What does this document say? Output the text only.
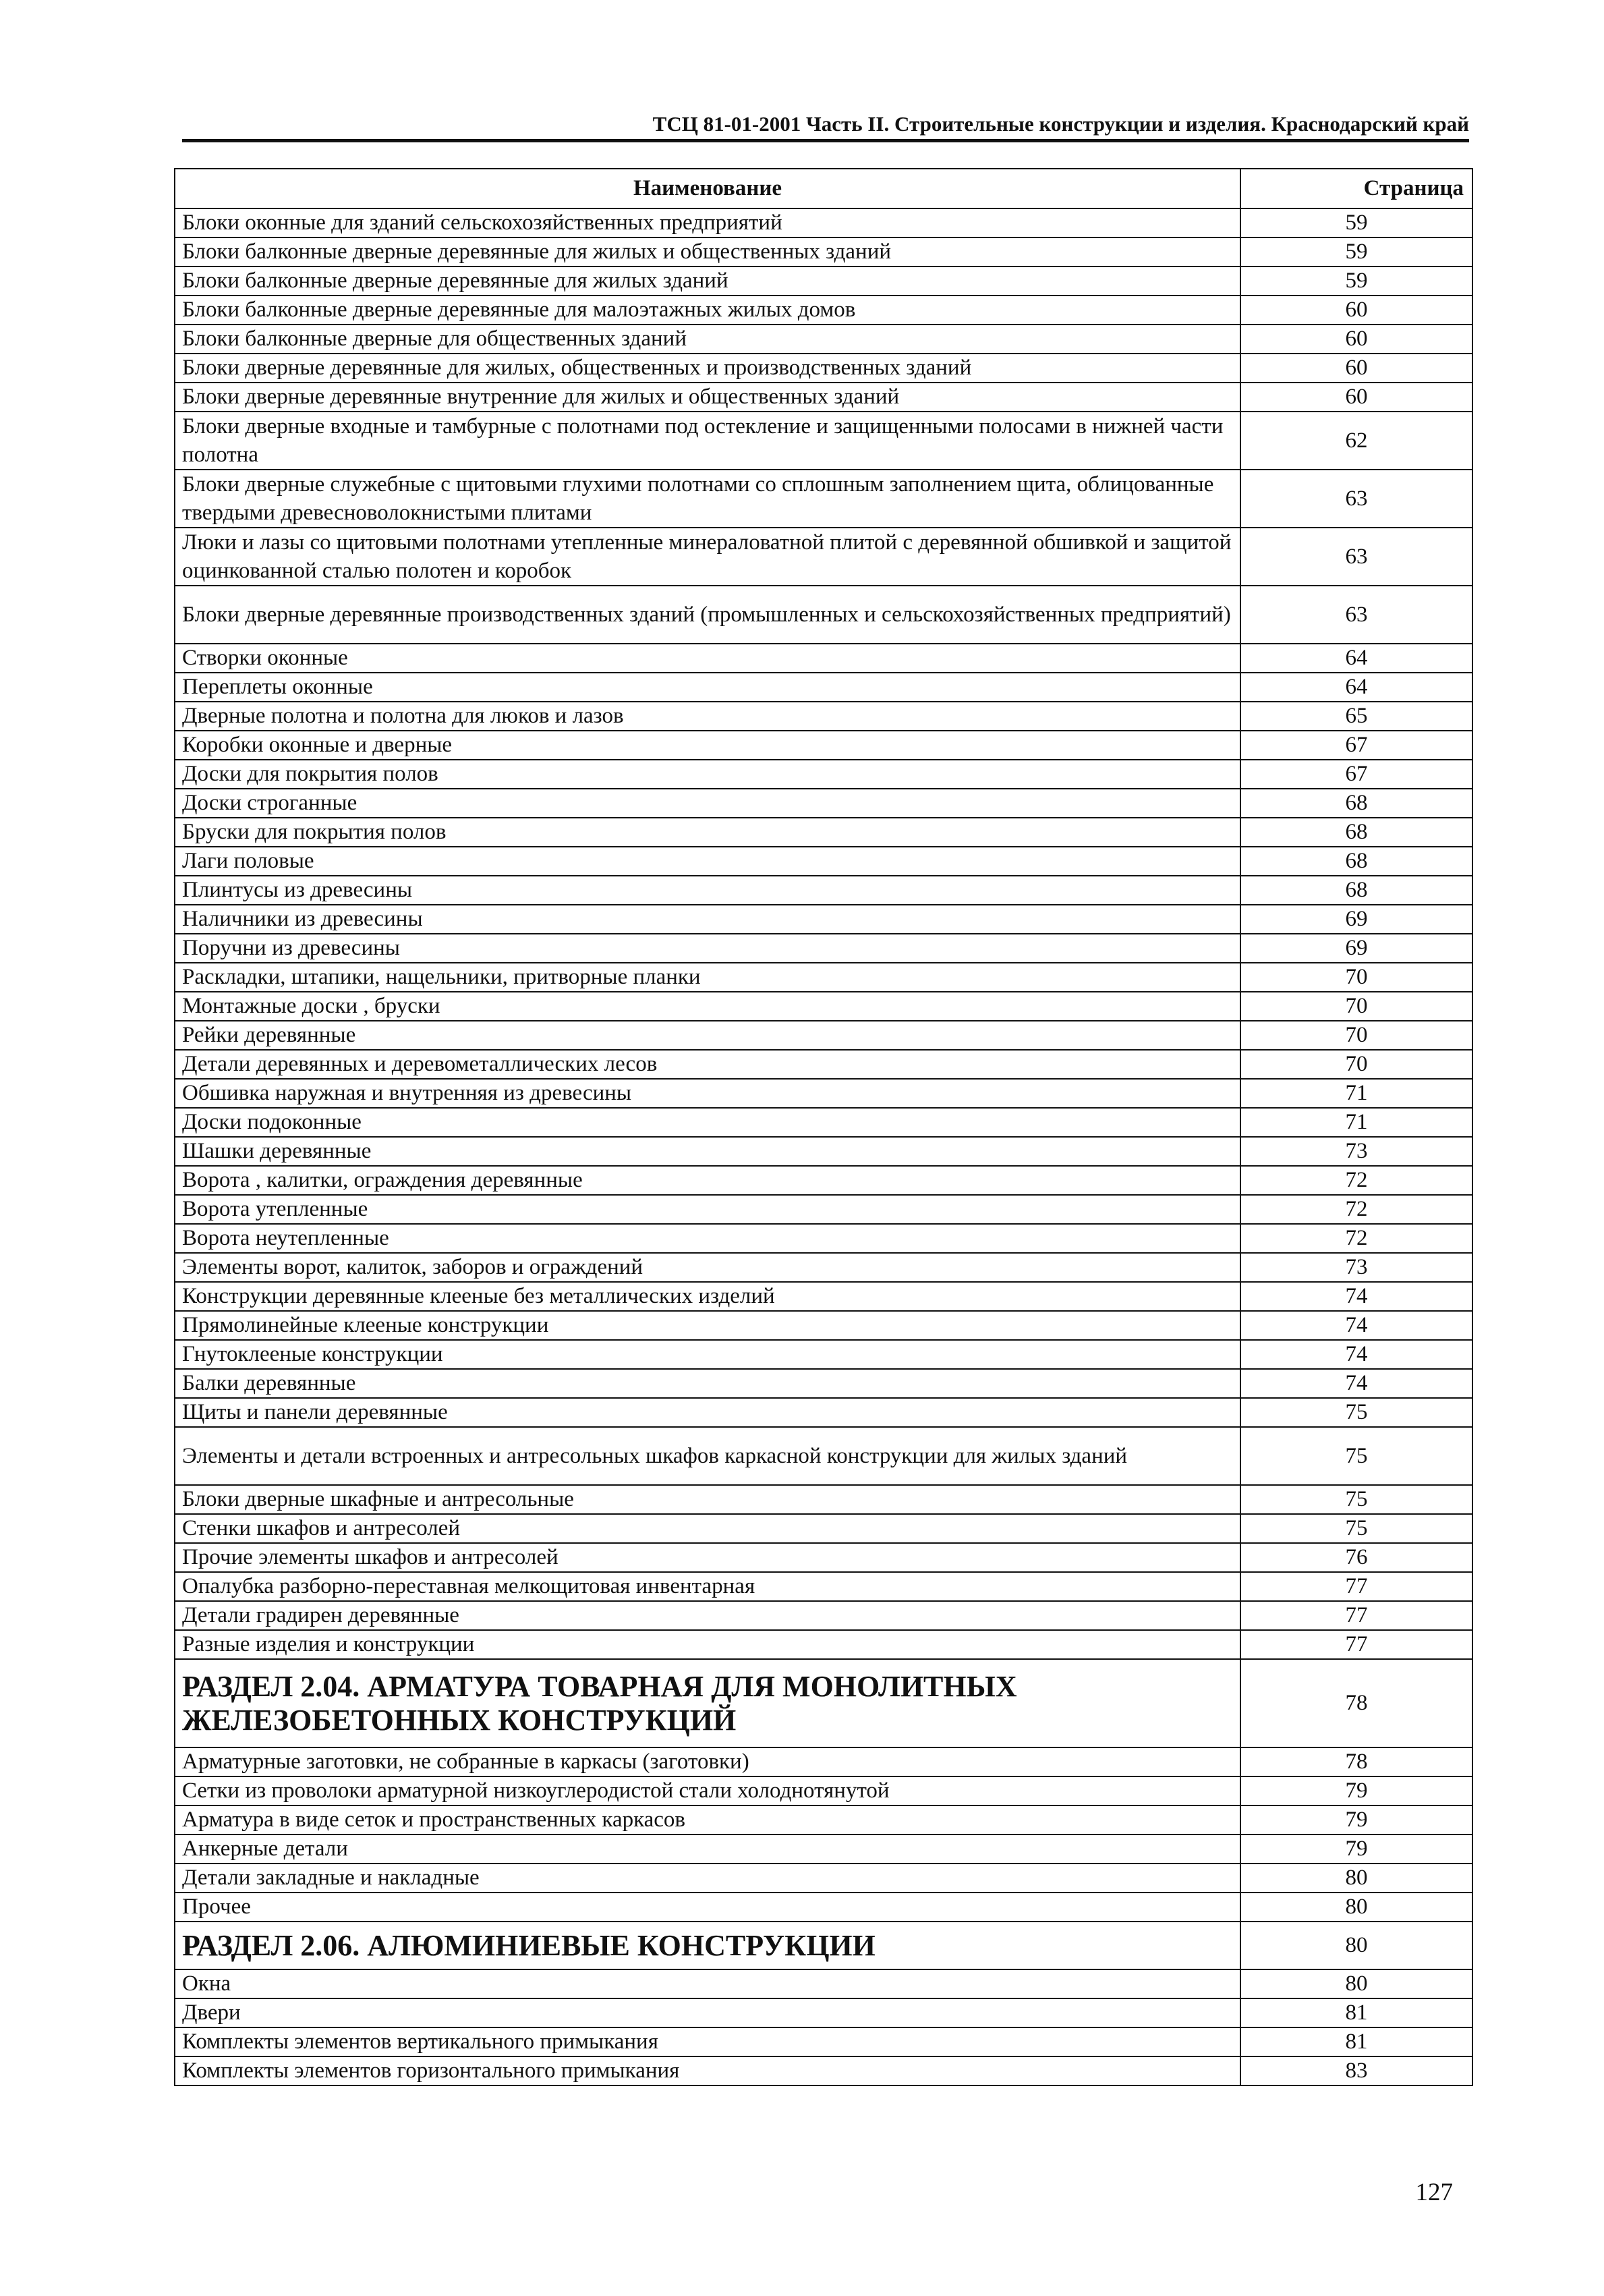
ТСЦ 81-01-2001 Часть II. Строительные конструкции и изделия. Краснодарский край
Наименование	Страница
Блоки оконные для зданий сельскохозяйственных предприятий	59
Блоки балконные дверные деревянные для жилых и общественных зданий	59
Блоки балконные дверные деревянные для жилых зданий	59
Блоки балконные дверные деревянные для малоэтажных жилых домов	60
Блоки балконные дверные для общественных зданий	60
Блоки дверные деревянные для жилых, общественных и производственных зданий	60
Блоки дверные деревянные внутренние для жилых и общественных зданий	60
Блоки дверные входные и тамбурные с полотнами под остекление и защищенными полосами в нижней части полотна	62
Блоки дверные служебные с щитовыми глухими полотнами со сплошным заполнением щита, облицованные твердыми древесноволокнистыми плитами	63
Люки и лазы со щитовыми полотнами утепленные минераловатной плитой с деревянной обшивкой и защитой оцинкованной сталью полотен и коробок	63
Блоки дверные деревянные производственных зданий (промышленных и сельскохозяйственных предприятий)	63
Створки оконные	64
Переплеты оконные	64
Дверные полотна и полотна для люков и лазов	65
Коробки оконные и дверные	67
Доски для покрытия полов	67
Доски строганные	68
Бруски для покрытия полов	68
Лаги половые	68
Плинтусы из древесины	68
Наличники из древесины	69
Поручни из древесины	69
Раскладки, штапики, нащельники, притворные планки	70
Монтажные доски , бруски	70
Рейки деревянные	70
Детали деревянных и деревометаллических лесов	70
Обшивка наружная и внутренняя из древесины	71
Доски подоконные	71
Шашки деревянные	73
Ворота , калитки, ограждения деревянные	72
Ворота утепленные	72
Ворота неутепленные	72
Элементы ворот, калиток, заборов и ограждений	73
Конструкции деревянные клееные без металлических изделий	74
Прямолинейные клееные конструкции	74
Гнутоклееные конструкции	74
Балки деревянные	74
Щиты и панели деревянные	75
Элементы и детали встроенных и антресольных шкафов каркасной конструкции для жилых зданий	75
Блоки дверные шкафные и антресольные	75
Стенки шкафов и антресолей	75
Прочие элементы шкафов и антресолей	76
Опалубка разборно-переставная мелкощитовая инвентарная	77
Детали градирен деревянные	77
Разные изделия и конструкции	77
РАЗДЕЛ 2.04. АРМАТУРА ТОВАРНАЯ ДЛЯ МОНОЛИТНЫХ ЖЕЛЕЗОБЕТОННЫХ КОНСТРУКЦИЙ	78
Арматурные заготовки, не собранные в каркасы (заготовки)	78
Сетки из проволоки арматурной низкоуглеродистой стали холоднотянутой	79
Арматура в виде сеток и пространственных каркасов	79
Анкерные детали	79
Детали закладные и накладные	80
Прочее	80
РАЗДЕЛ 2.06. АЛЮМИНИЕВЫЕ КОНСТРУКЦИИ	80
Окна	80
Двери	81
Комплекты элементов вертикального примыкания	81
Комплекты элементов горизонтального примыкания	83
127
